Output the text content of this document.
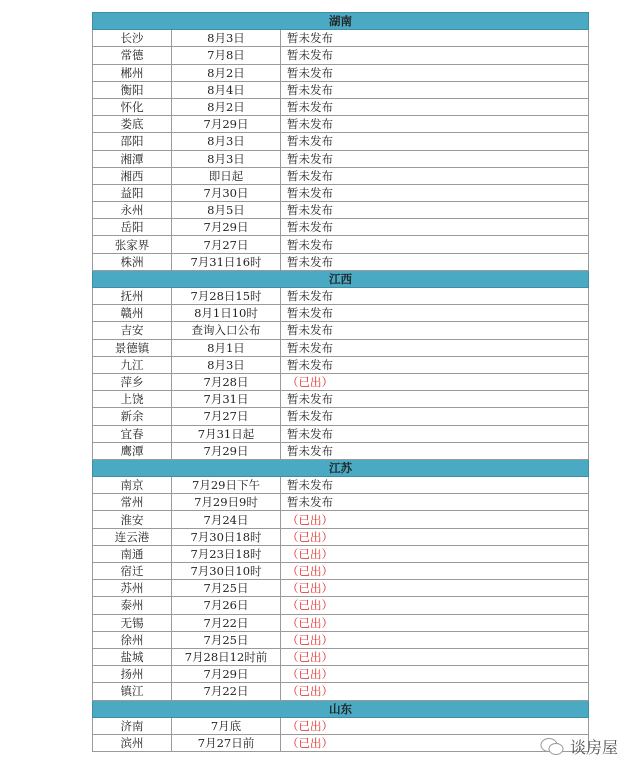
湖南		
长沙	8月3日	暂未发布
常德	7月8日	暂未发布
郴州	8月2日	暂未发布
衡阳	8月4日	暂未发布
怀化	8月2日	暂未发布
娄底	7月29日	暂未发布
邵阳	8月3日	暂未发布
湘潭	8月3日	暂未发布
湘西	即日起	暂未发布
益阳	7月30日	暂未发布
永州	8月5日	暂未发布
岳阳	7月29日	暂未发布
张家界	7月27日	暂未发布
株洲	7月31日16时	暂未发布
江西		
抚州	7月28日15时	暂未发布
赣州	8月1日10时	暂未发布
吉安	查询入口公布	暂未发布
景德镇	8月1日	暂未发布
九江	8月3日	暂未发布
萍乡	7月28日	（已出）
上饶	7月31日	暂未发布
新余	7月27日	暂未发布
宜春	7月31日起	暂未发布
鹰潭	7月29日	暂未发布
江苏		
南京	7月29日下午	暂未发布
常州	7月29日9时	暂未发布
淮安	7月24日	（已出）
连云港	7月30日18时	（已出）
南通	7月23日18时	（已出）
宿迁	7月30日10时	（已出）
苏州	7月25日	（已出）
泰州	7月26日	（已出）
无锡	7月22日	（已出）
徐州	7月25日	（已出）
盐城	7月28日12时前	（已出）
扬州	7月29日	（已出）
镇江	7月22日	（已出）
山东		
济南	7月底	（已出）
滨州	7月27日前	（已出）	谈房屋
